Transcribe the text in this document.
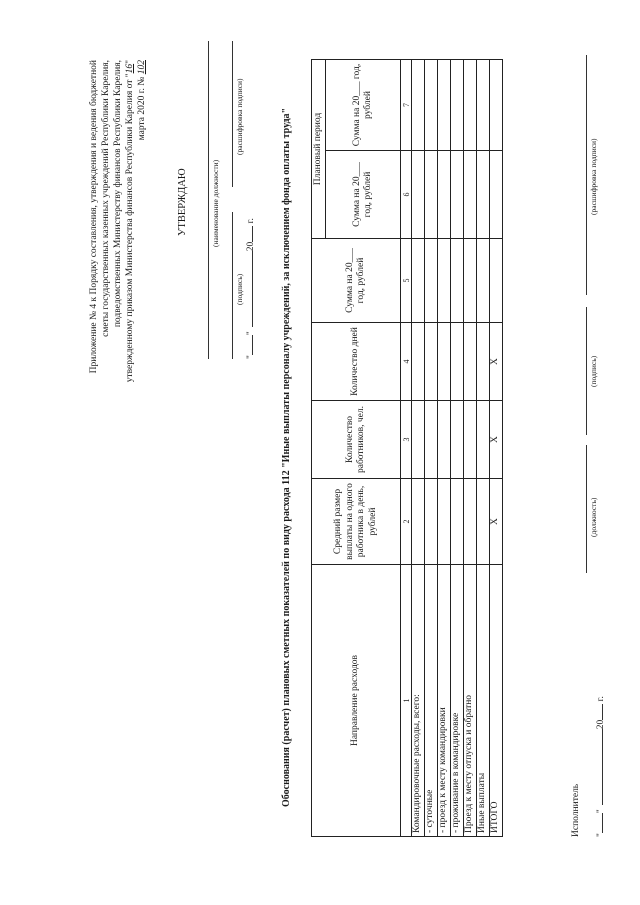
Приложение № 4 к Порядку составления, утверждения и ведения бюджетной сметы государственных казенных учреждений Республики Карелия, подведомственных Министерству финансов Республики Карелия, утвержденному приказом Министерства финансов Республики Карелия от "16"
марта 2020 г. № 102
УТВЕРЖДАЮ	(наименование должности)
(подпись)
(расшифровка подписи)
""20 г.	Обоснования (расчет) плановых сметных показателей по виду расхода 112 "Иные выплаты персоналу учреждений, за исключением фонда оплаты труда"	Направление расходов	Средний размер выплаты на одного работника в день, рублей	Количество работников, чел.	Количество дней	Сумма на 20___ год, рублей	Плановый период	
					Сумма на 20___ год, рублей	Сумма на 20___ год, рублей
1	2	3	4	5	6	7
Командировочные расходы, всего:						
- суточные						
- проезд к месту командировки						
- проживание в командировке						
Проезд к месту отпуска и обратно						
Иные выплаты						
ИТОГО	X	X	X			
Исполнитель
(должность)
(подпись)
(расшифровка подписи)
""20 г.
